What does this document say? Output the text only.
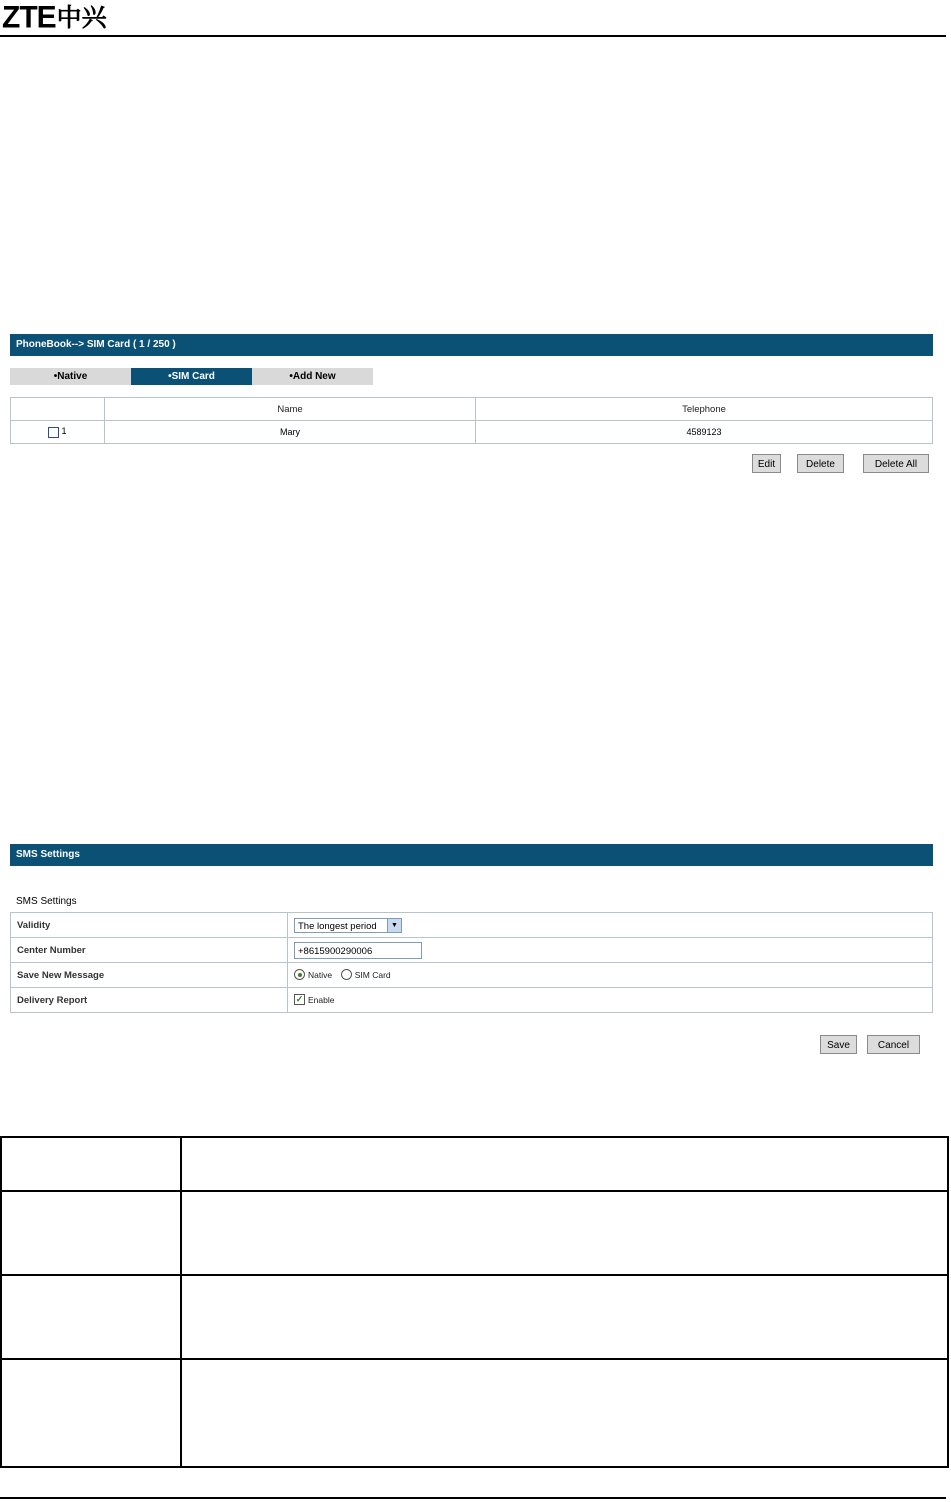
ZTE 中兴
PhoneBook--> SIM Card ( 1 / 250 )
•Native	•SIM Card	•Add New
	Name	Telephone
1	Mary	4589123
Edit	Delete	Delete All
SMS Settings
SMS Settings
Validity	The longest period ▼

Center Number	+8615900290006
Save New Message	Native SIM Card
Delivery Report	✓ Enable
Save	Cancel
